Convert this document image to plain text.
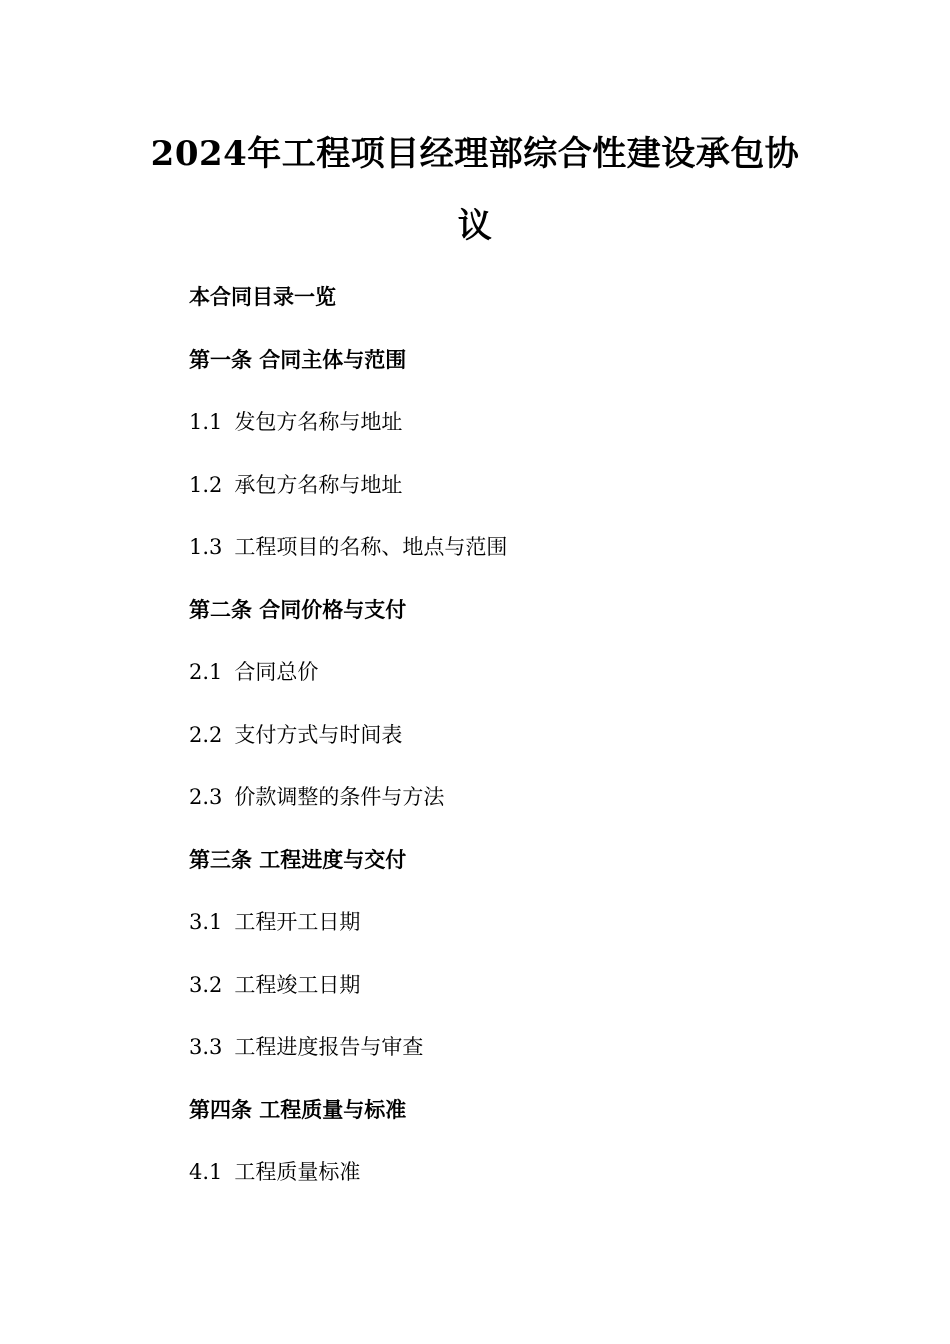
2024年工程项目经理部综合性建设承包协
议
本合同目录一览
第一条 合同主体与范围
1.1 发包方名称与地址
1.2 承包方名称与地址
1.3 工程项目的名称、地点与范围
第二条 合同价格与支付
2.1 合同总价
2.2 支付方式与时间表
2.3 价款调整的条件与方法
第三条 工程进度与交付
3.1 工程开工日期
3.2 工程竣工日期
3.3 工程进度报告与审查
第四条 工程质量与标准
4.1 工程质量标准
